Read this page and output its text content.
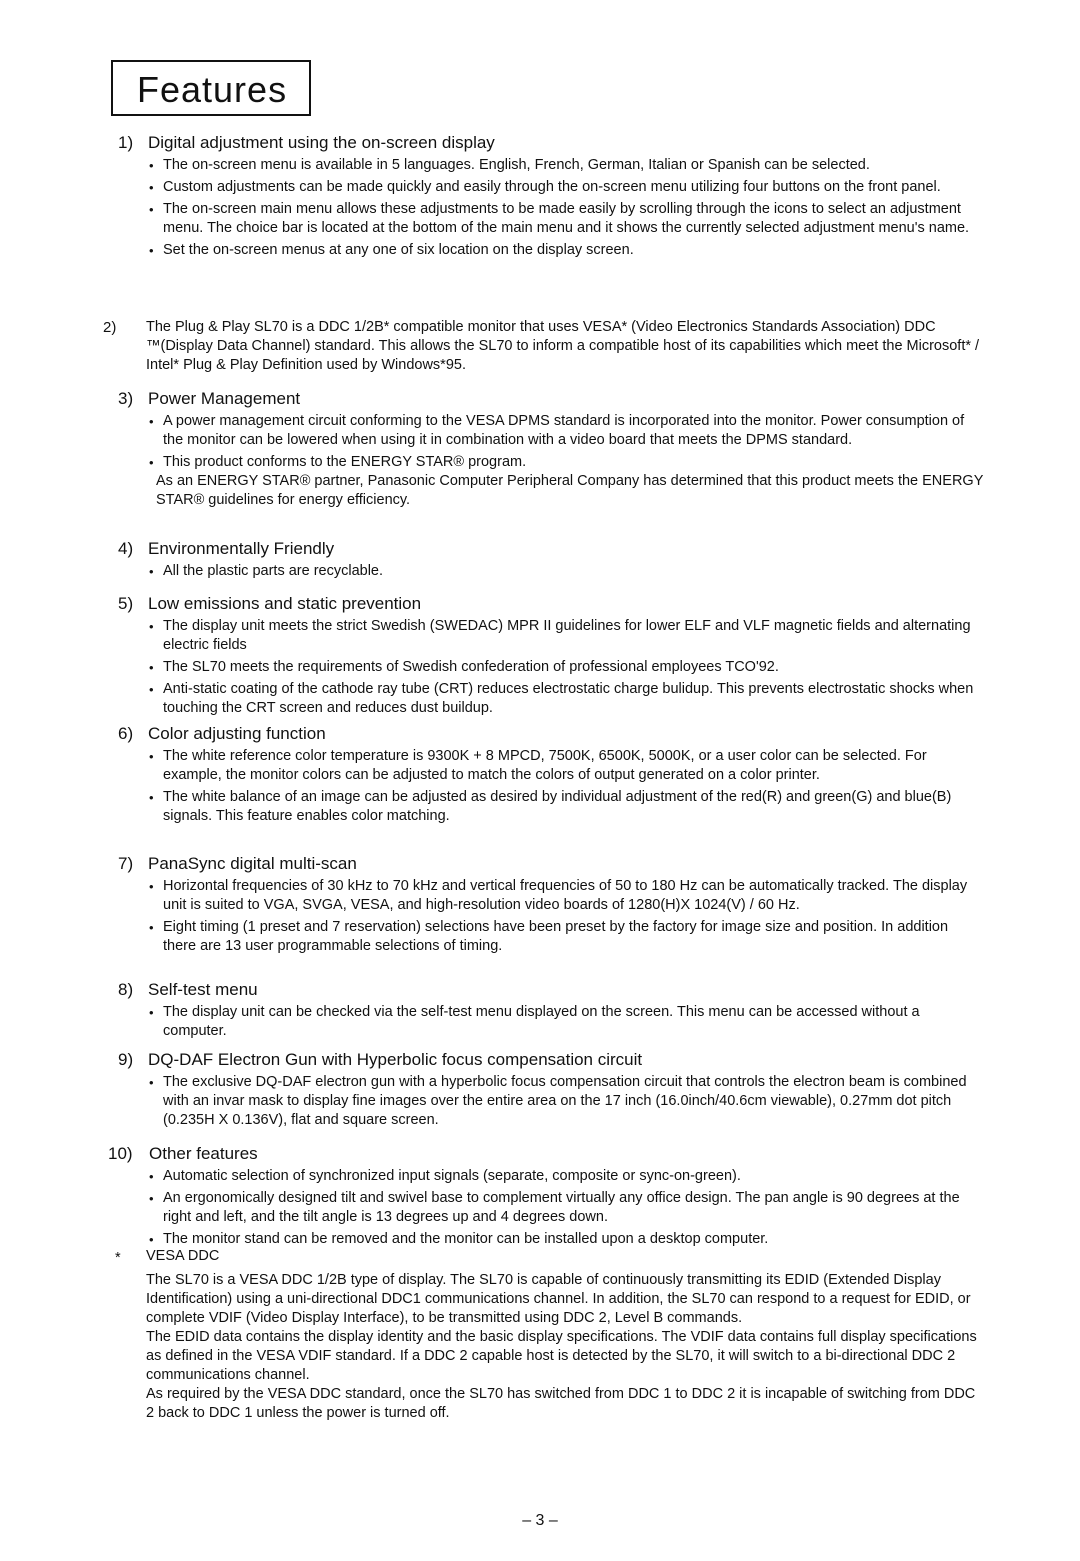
Features
1) Digital adjustment using the on-screen display
• The on-screen menu is available in 5 languages. English, French, German, Italian or Spanish can be selected.
• Custom adjustments can be made quickly and easily through the on-screen menu utilizing four buttons on the front panel.
• The on-screen main menu allows these adjustments to be made easily by scrolling through the icons to select an adjustment menu. The choice bar is located at the bottom of the main menu and it shows the currently selected adjustment menu's name.
• Set the on-screen menus at any one of six location on the display screen.
2)	The Plug & Play SL70 is a DDC 1/2B* compatible monitor that uses VESA* (Video Electronics Standards Association) DDC ™(Display Data Channel) standard. This allows the SL70 to inform a compatible host of its capabilities which meet the Microsoft* / Intel* Plug & Play Definition used by Windows*95.
3) Power Management
• A power management circuit conforming to the VESA DPMS standard is incorporated into the monitor. Power consumption of the monitor can be lowered when using it in combination with a video board that meets the DPMS standard.
• This product conforms to the ENERGY STAR® program.
As an ENERGY STAR® partner, Panasonic Computer Peripheral Company has determined that this product meets the ENERGY STAR® guidelines for energy efficiency.
4) Environmentally Friendly
• All the plastic parts are recyclable.
5) Low emissions and static prevention
• The display unit meets the strict Swedish (SWEDAC) MPR II guidelines for lower ELF and VLF magnetic fields and alternating electric fields
• The SL70 meets the requirements of Swedish confederation of professional employees TCO'92.
• Anti-static coating of the cathode ray tube (CRT) reduces electrostatic charge bulidup. This prevents electrostatic shocks when touching the CRT screen and reduces dust buildup.
6) Color adjusting function
• The white reference color temperature is 9300K + 8 MPCD, 7500K, 6500K, 5000K, or a user color can be selected. For example, the monitor colors can be adjusted to match the colors of output generated on a color printer.
• The white balance of an image can be adjusted as desired by individual adjustment of the red(R) and green(G) and blue(B) signals. This feature enables color matching.
7) PanaSync digital multi-scan
• Horizontal frequencies of 30 kHz to 70 kHz and vertical frequencies of 50 to 180 Hz can be automatically tracked. The display unit is suited to VGA, SVGA, VESA, and high-resolution video boards of 1280(H)X 1024(V) / 60 Hz.
• Eight timing (1 preset and 7 reservation) selections have been preset by the factory for image size and position. In addition there are 13 user programmable selections of timing.
8) Self-test menu
• The display unit can be checked via the self-test menu displayed on the screen. This menu can be accessed without a computer.
9) DQ-DAF Electron Gun with Hyperbolic focus compensation circuit
• The exclusive DQ-DAF electron gun with a hyperbolic focus compensation circuit that controls the electron beam is combined with an invar mask to display fine images over the entire area on the 17 inch (16.0inch/40.6cm viewable), 0.27mm dot pitch (0.235H X 0.136V), flat and square screen.
10) Other features
• Automatic selection of synchronized input signals (separate, composite or sync-on-green).
• An ergonomically designed tilt and swivel base to complement virtually any office design. The pan angle is 90 degrees at the right and left, and the tilt angle is 13 degrees up and 4 degrees down.
• The monitor stand can be removed and the monitor can be installed upon a desktop computer.
* VESA DDC
The SL70 is a VESA DDC 1/2B type of display. The SL70 is capable of continuously transmitting its EDID (Extended Display Identification) using a uni-directional DDC1 communications channel. In addition, the SL70 can respond to a request for EDID, or complete VDIF (Video Display Interface), to be transmitted using DDC 2, Level B commands.
The EDID data contains the display identity and the basic display specifications. The VDIF data contains full display specifications as defined in the VESA VDIF standard. If a DDC 2 capable host is detected by the SL70, it will switch to a bi-directional DDC 2 communications channel.
As required by the VESA DDC standard, once the SL70 has switched from DDC 1 to DDC 2 it is incapable of switching from DDC 2 back to DDC 1 unless the power is turned off.
– 3 –
